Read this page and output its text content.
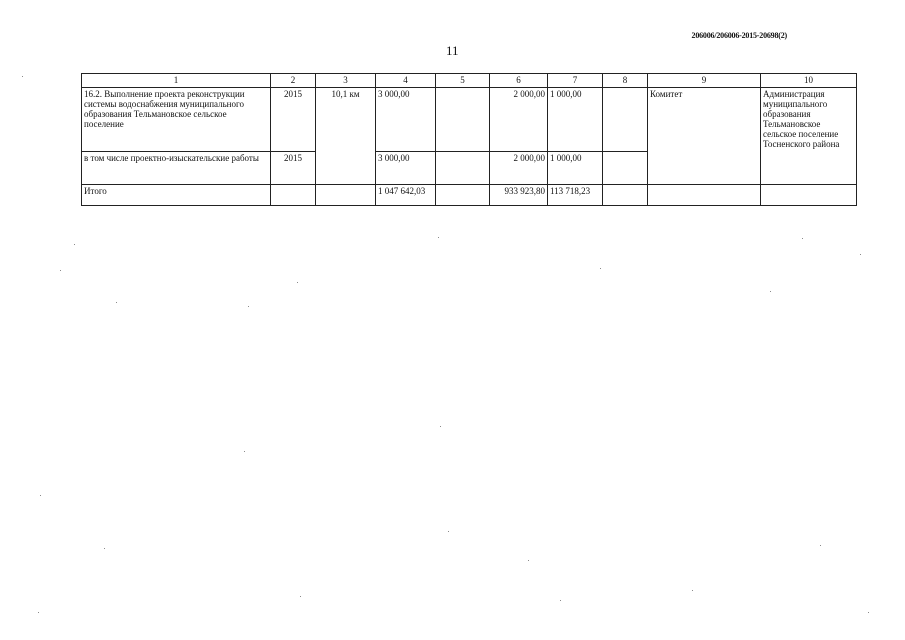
206006/206006-2015-20698(2)
11
1	2	3	4	5	6	7	8	9	10
16.2. Выполнение проекта реконструкции системы водоснабжения муниципального образования Тельмановское сельское поселение	2015	10,1 км	3 000,00		2 000,00	1 000,00		Комитет	Администрация муниципального образования Тельмановское сельское поселение Тосненского района
в том числе проектно-изыскательские работы	2015		3 000,00		2 000,00	1 000,00			
Итого			1 047 642,03		933 923,80	113 718,23			
